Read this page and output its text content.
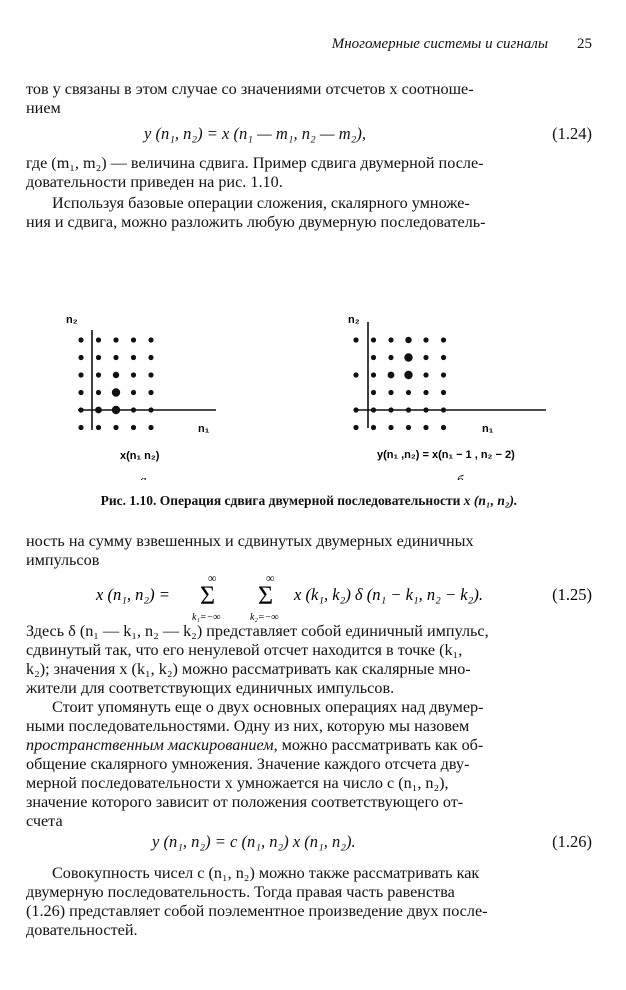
Многомерные системы и сигналы 25

тов y связаны в этом случае со значениями отсчетов x соотноше-

нием

y (n₁, n₂) = x (n₁ — m₁, n₂ — m₂),	(1.24)

где (m₁, m₂) — величина сдвига. Пример сдвига двумерной после-

довательности приведен на рис. 1.10.

Используя базовые операции сложения, скалярного умноже-

ния и сдвига, можно разложить любую двумерную последователь-

n₂
n₁
x(n₁ n₂)
а
n₂
n₁
y(n₁ ,n₂) = x(n₁ − 1 , n₂ − 2)
б
Рис. 1.10. Операция сдвига двумерной последовательности x (n₁, n₂).

ность на сумму взвешенных и сдвинутых двумерных единичных

импульсов

x (n₁, n₂) =
∞
Σ
k₁=−∞
∞
Σ
k₂=−∞
x (k₁, k₂) δ (n₁ − k₁, n₂ − k₂).	(1.25)

Здесь δ (n₁ — k₁, n₂ — k₂) представляет собой единичный импульс,

сдвинутый так, что его ненулевой отсчет находится в точке (k₁,

k₂); значения x (k₁, k₂) можно рассматривать как скалярные мно-

жители для соответствующих единичных импульсов.

Стоит упомянуть еще о двух основных операциях над двумер-

ными последовательностями. Одну из них, которую мы назовем

пространственным маскированием, можно рассматривать как об-

общение скалярного умножения. Значение каждого отсчета дву-

мерной последовательности x умножается на число c (n₁, n₂),

значение которого зависит от положения соответствующего от-

счета

y (n₁, n₂) = c (n₁, n₂) x (n₁, n₂).	(1.26)

Совокупность чисел c (n₁, n₂) можно также рассматривать как

двумерную последовательность. Тогда правая часть равенства

(1.26) представляет собой поэлементное произведение двух после-

довательностей.
